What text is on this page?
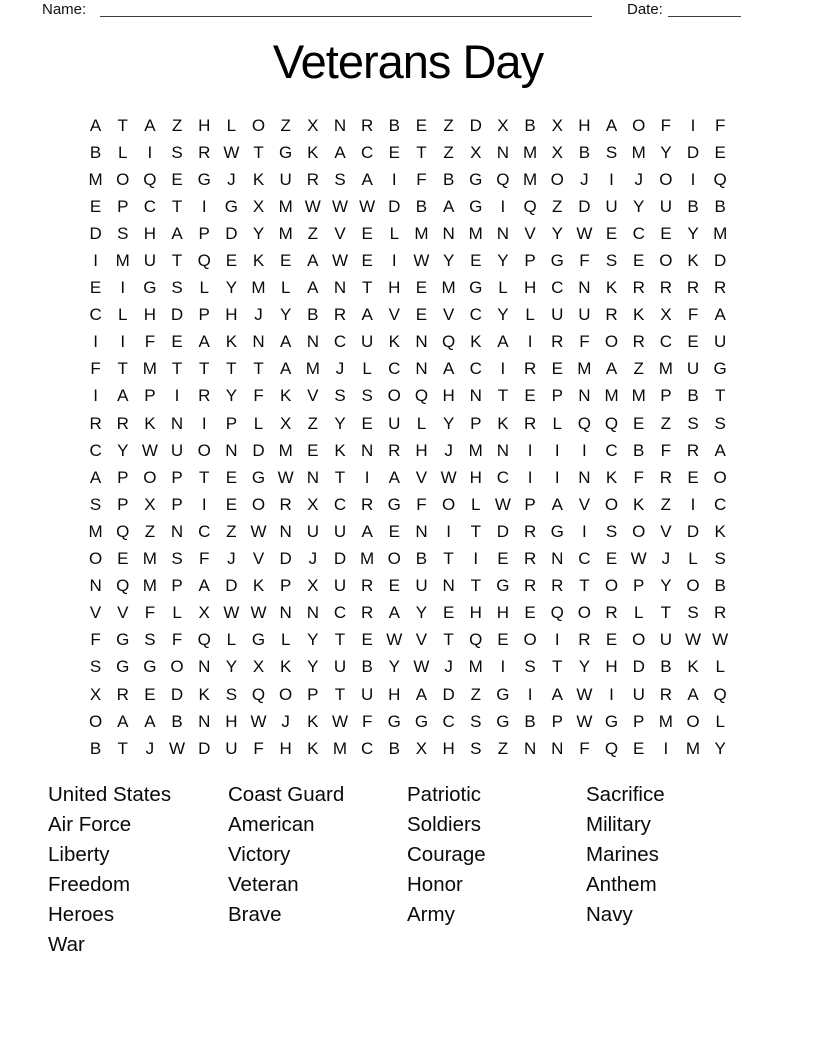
Name:	Date:
Veterans Day
A T A Z H L O Z X N R B E Z D X B X H A O F	I	F
B L	I	S R W T G K A C E T Z X N M X B S M Y D E
M O Q E G J	K U R S A	I	F B G Q M O J	I	J O	I	Q
E P C T	I	G X M W W W D B A G	I	Q Z D U Y U B B
D S H A P D Y M Z V E L M N M N V Y W E C E Y M
I	M U T Q E K E A W E	I W Y E Y P G F S E O K D
E	I	G S L Y M L A N T H E M G L H C N K R R R R
C L H D P H J	Y B R A V E V C Y L U U R K X F A
I	I	F E A K N A N C U K N Q K A	I	R F O R C E U
F T M T T T T A M J	L C N A C	I	R E M A Z M U G
I	A P	I	R Y F K V S S O Q H N T E P N M M P B T
R R K N	I	P L X Z Y E U L Y P K R L Q Q E Z S S
C Y W U O N D M E K N R H J M N	I	I	I	C B F R A
A P O P T E G W N T	I	A V W H C	I	I	N K F R E O
S P X P	I	E O R X C R G F O L W P A V O K Z	I	C
M Q Z N C Z W N U U A E N	I	T D R G	I	S O V D K
O E M S F	J	V D J D M O B T	I	E R N C E W J	L S
N Q M P A D K P X U R E U N T G R R T O P Y O B
V V F	L X W W N N C R A Y E H H E Q O R L	T S R
F G S F Q L G L Y T E W V T Q E O	I	R E O U W W
S G G O N Y X K Y U B Y W J M	I	S T Y H D B K L
X R E D K S Q O P T U H A D Z G	I	A W I	U R A Q
O A A B N H W J	K W F G G C S G B P W G P M O L
B T	J W D U F H K M C B X H S Z N N F Q E	I	M Y
United States
Air Force
Liberty
Freedom
Heroes
War
Coast Guard
American
Victory
Veteran
Brave
Patriotic
Soldiers
Courage
Honor
Army
Sacrifice
Military
Marines
Anthem
Navy
